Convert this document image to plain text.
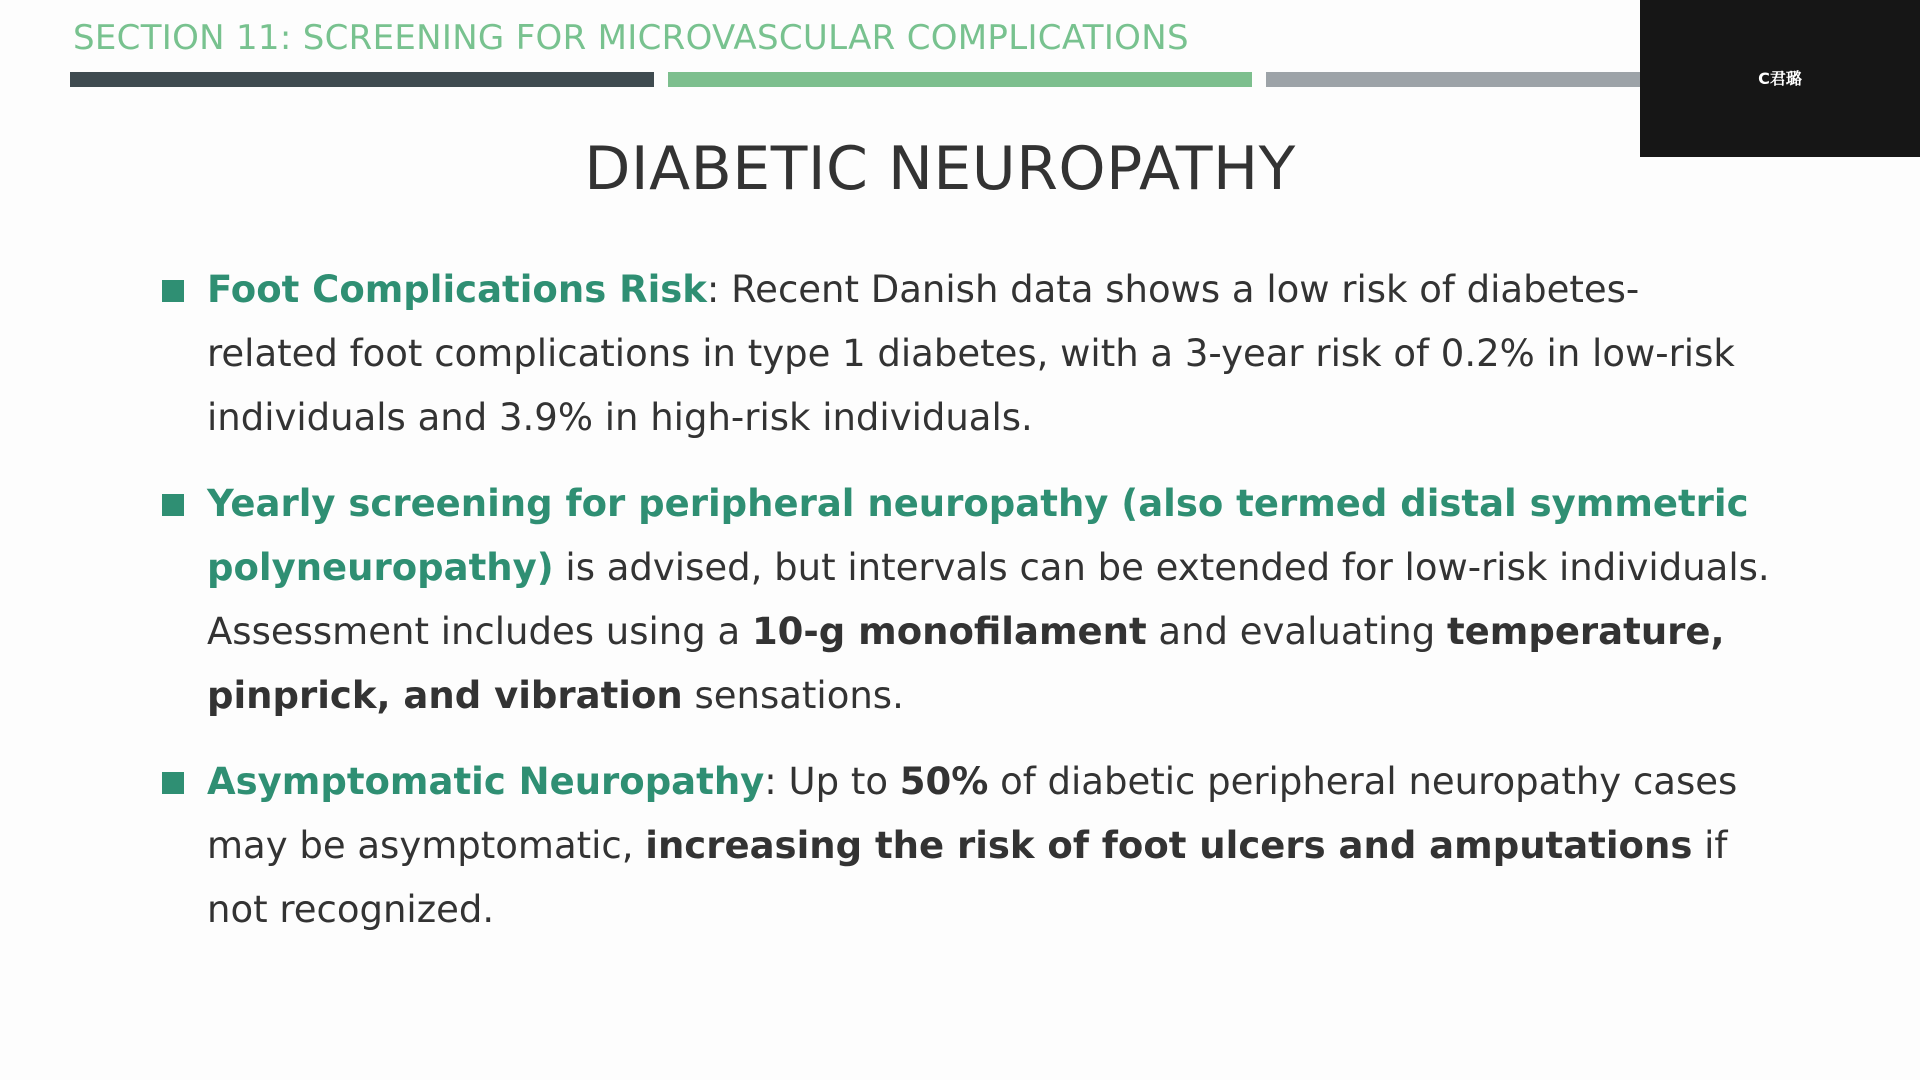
SECTION 11: SCREENING FOR MICROVASCULAR COMPLICATIONS
C君璐
DIABETIC NEUROPATHY
Foot Complications Risk: Recent Danish data shows a low risk of diabetes-related foot complications in type 1 diabetes, with a 3-year risk of 0.2% in low-risk individuals and 3.9% in high-risk individuals.
Yearly screening for peripheral neuropathy (also termed distal symmetric polyneuropathy) is advised, but intervals can be extended for low-risk individuals. Assessment includes using a 10-g monofilament and evaluating temperature, pinprick, and vibration sensations.
Asymptomatic Neuropathy: Up to 50% of diabetic peripheral neuropathy cases may be asymptomatic, increasing the risk of foot ulcers and amputations if not recognized.
